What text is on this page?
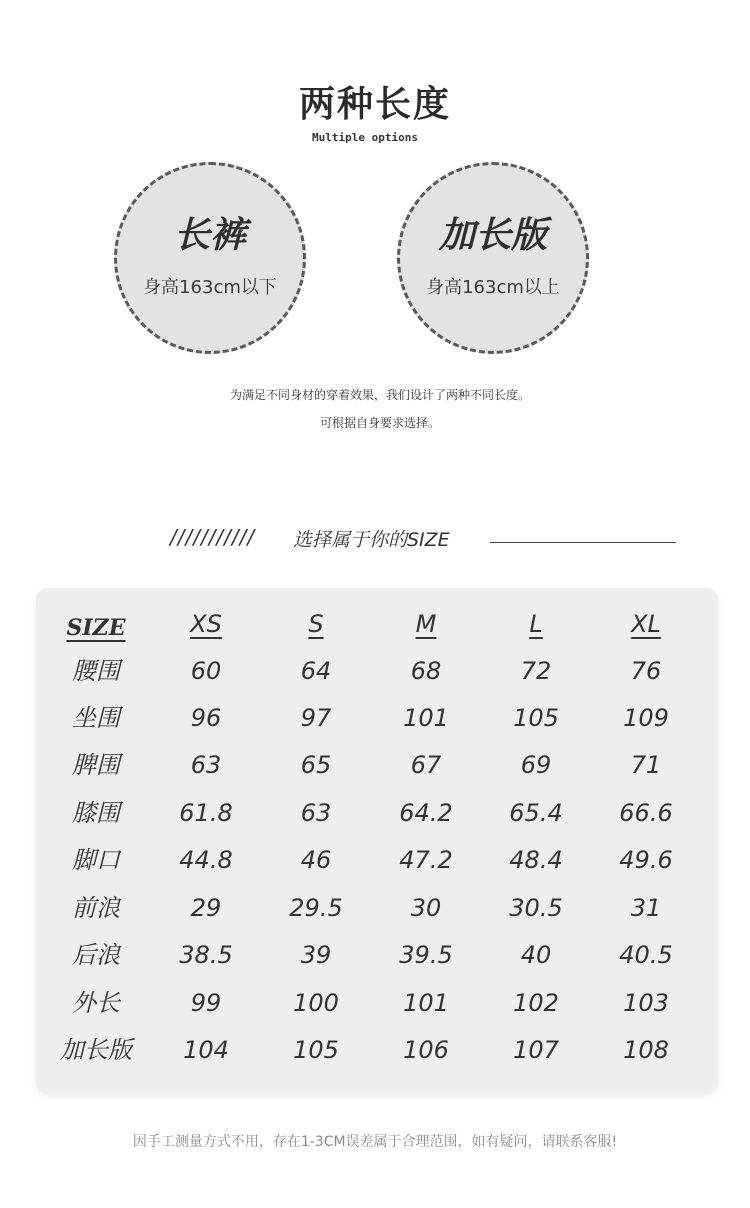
两种长度
Multiple options
长裤
身高163cm以下
加长版
身高163cm以上
为满足不同身材的穿着效果，我们设计了两种不同长度。
可根据自身要求选择。
/////////// 选择属于你的SIZE
SIZE	XS	S	M	L	XL
腰围	60	64	68	72	76
坐围	96	97	101	105	109
脾围	63	65	67	69	71
膝围	61.8	63	64.2	65.4	66.6
脚口	44.8	46	47.2	48.4	49.6
前浪	29	29.5	30	30.5	31
后浪	38.5	39	39.5	40	40.5
外长	99	100	101	102	103
加长版	104	105	106	107	108
因手工测量方式不用，存在1-3CM误差属于合理范围，如有疑问，请联系客服!
